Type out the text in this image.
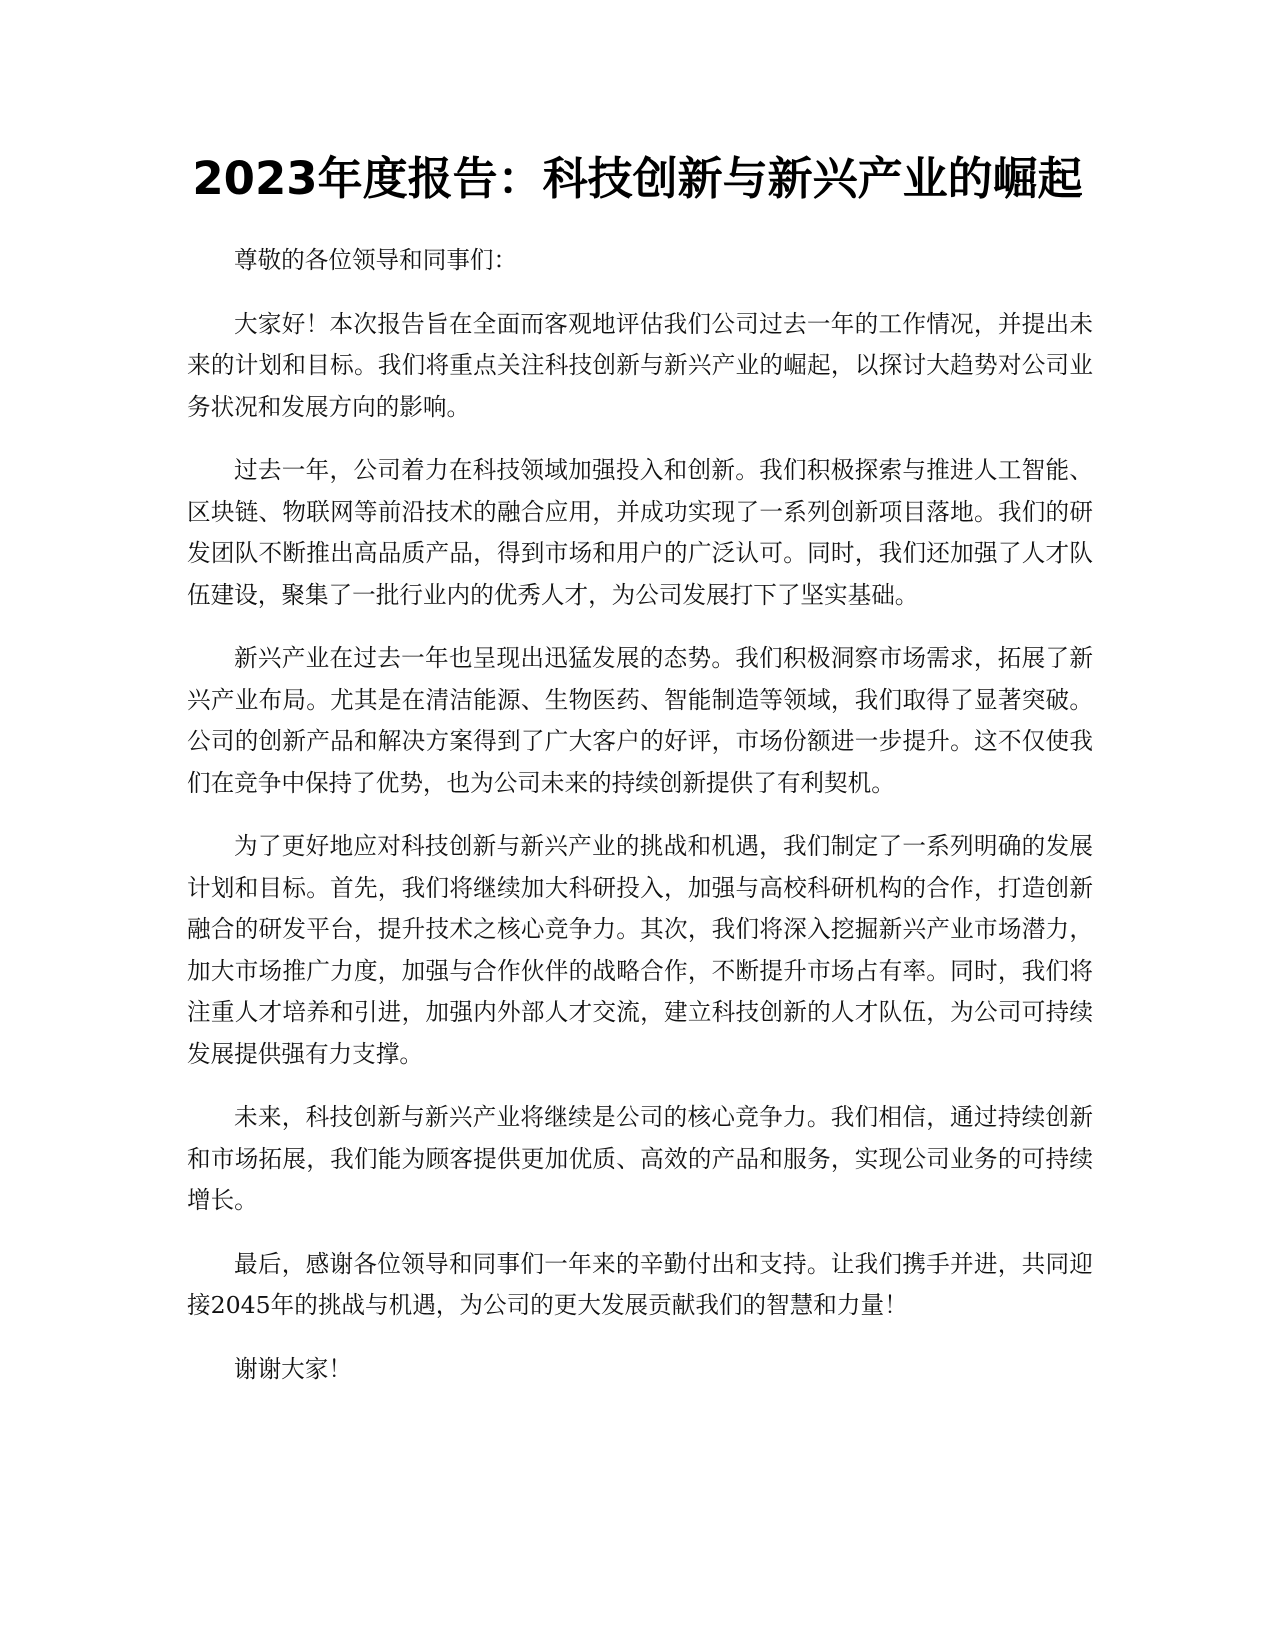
2023年度报告：科技创新与新兴产业的崛起

尊敬的各位领导和同事们：

大家好！本次报告旨在全面而客观地评估我们公司过去一年的工作情况，并提出未来的计划和目标。我们将重点关注科技创新与新兴产业的崛起，以探讨大趋势对公司业务状况和发展方向的影响。

过去一年，公司着力在科技领域加强投入和创新。我们积极探索与推进人工智能、区块链、物联网等前沿技术的融合应用，并成功实现了一系列创新项目落地。我们的研发团队不断推出高品质产品，得到市场和用户的广泛认可。同时，我们还加强了人才队伍建设，聚集了一批行业内的优秀人才，为公司发展打下了坚实基础。

新兴产业在过去一年也呈现出迅猛发展的态势。我们积极洞察市场需求，拓展了新兴产业布局。尤其是在清洁能源、生物医药、智能制造等领域，我们取得了显著突破。公司的创新产品和解决方案得到了广大客户的好评，市场份额进一步提升。这不仅使我们在竞争中保持了优势，也为公司未来的持续创新提供了有利契机。

为了更好地应对科技创新与新兴产业的挑战和机遇，我们制定了一系列明确的发展计划和目标。首先，我们将继续加大科研投入，加强与高校科研机构的合作，打造创新融合的研发平台，提升技术之核心竞争力。其次，我们将深入挖掘新兴产业市场潜力，加大市场推广力度，加强与合作伙伴的战略合作，不断提升市场占有率。同时，我们将注重人才培养和引进，加强内外部人才交流，建立科技创新的人才队伍，为公司可持续发展提供强有力支撑。

未来，科技创新与新兴产业将继续是公司的核心竞争力。我们相信，通过持续创新和市场拓展，我们能为顾客提供更加优质、高效的产品和服务，实现公司业务的可持续增长。

最后，感谢各位领导和同事们一年来的辛勤付出和支持。让我们携手并进，共同迎接2045年的挑战与机遇，为公司的更大发展贡献我们的智慧和力量！

谢谢大家！
